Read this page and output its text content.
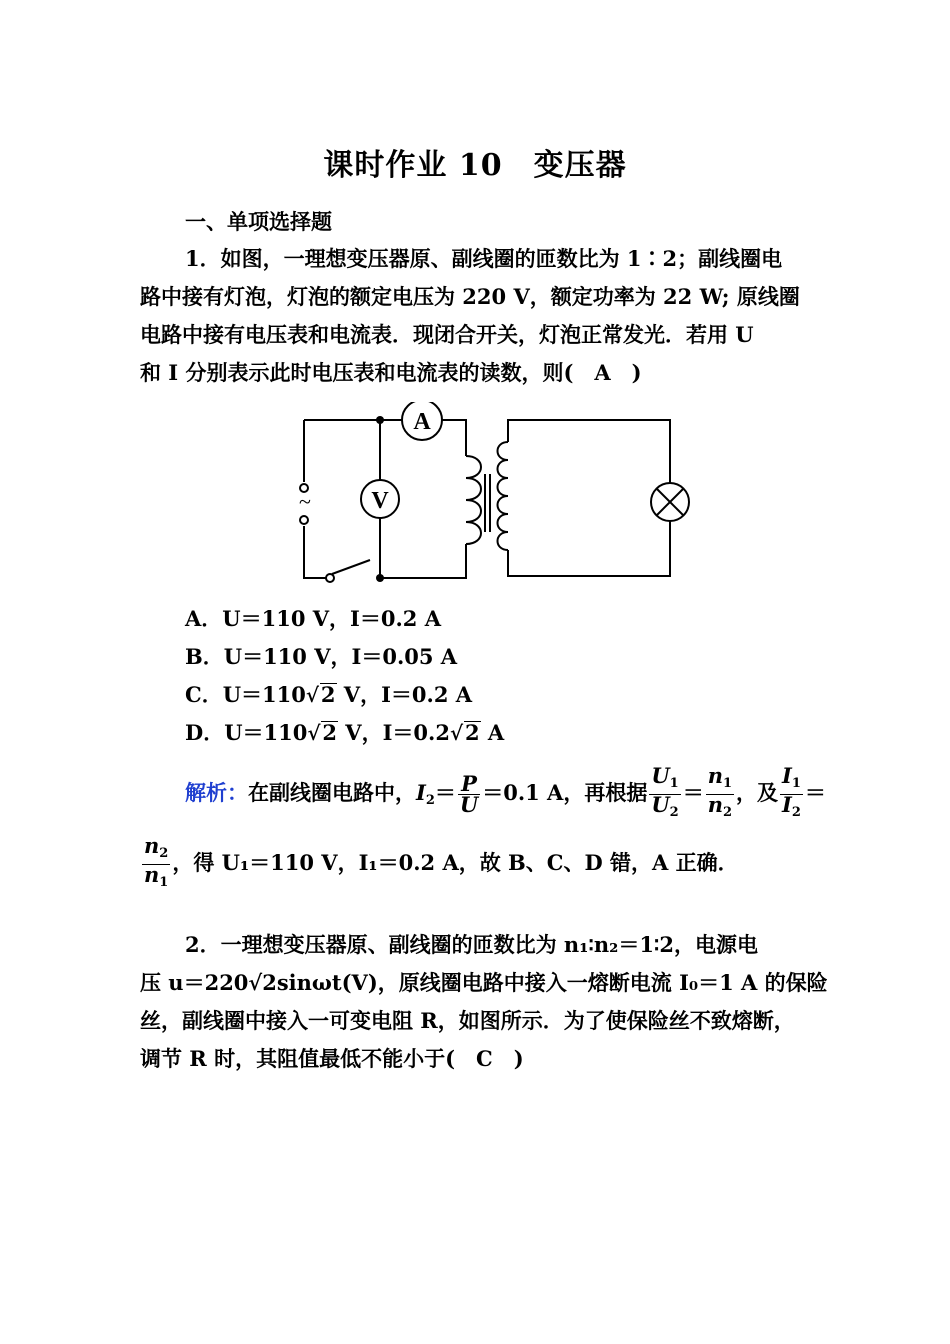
课时作业 10　变压器
一、单项选择题
1．如图，一理想变压器原、副线圈的匝数比为 1∶2；副线圈电
路中接有灯泡，灯泡的额定电压为 220 V，额定功率为 22 W; 原线圈
电路中接有电压表和电流表．现闭合开关，灯泡正常发光．若用 U
和 I 分别表示此时电压表和电流表的读数，则(　A　)
A
V
~
A．U＝110 V，I＝0.2 A
B．U＝110 V，I＝0.05 A
C．U＝110 √ 2 V，I＝0.2 A
D．U＝110 √ 2 V，I＝0.2 √ 2 A
解析：在副线圈电路中，$I_2= \frac{P}{U} =0.1$ A，再根据 $\frac{U_1}{U_2} = \frac{n_1}{n_2}$ ，及 $\frac{I_1}{I_2}$ ＝
$\frac{n_2}{n_1}$ ，得 U₁＝110 V，I₁＝0.2 A，故 B、C、D 错，A 正确．
2．一理想变压器原、副线圈的匝数比为 n₁∶n₂＝1∶2，电源电
压 u＝220√2sinωt(V)，原线圈电路中接入一熔断电流 I₀＝1 A 的保险
丝，副线圈中接入一可变电阻 R，如图所示．为了使保险丝不致熔断，
调节 R 时，其阻值最低不能小于(　C　)
